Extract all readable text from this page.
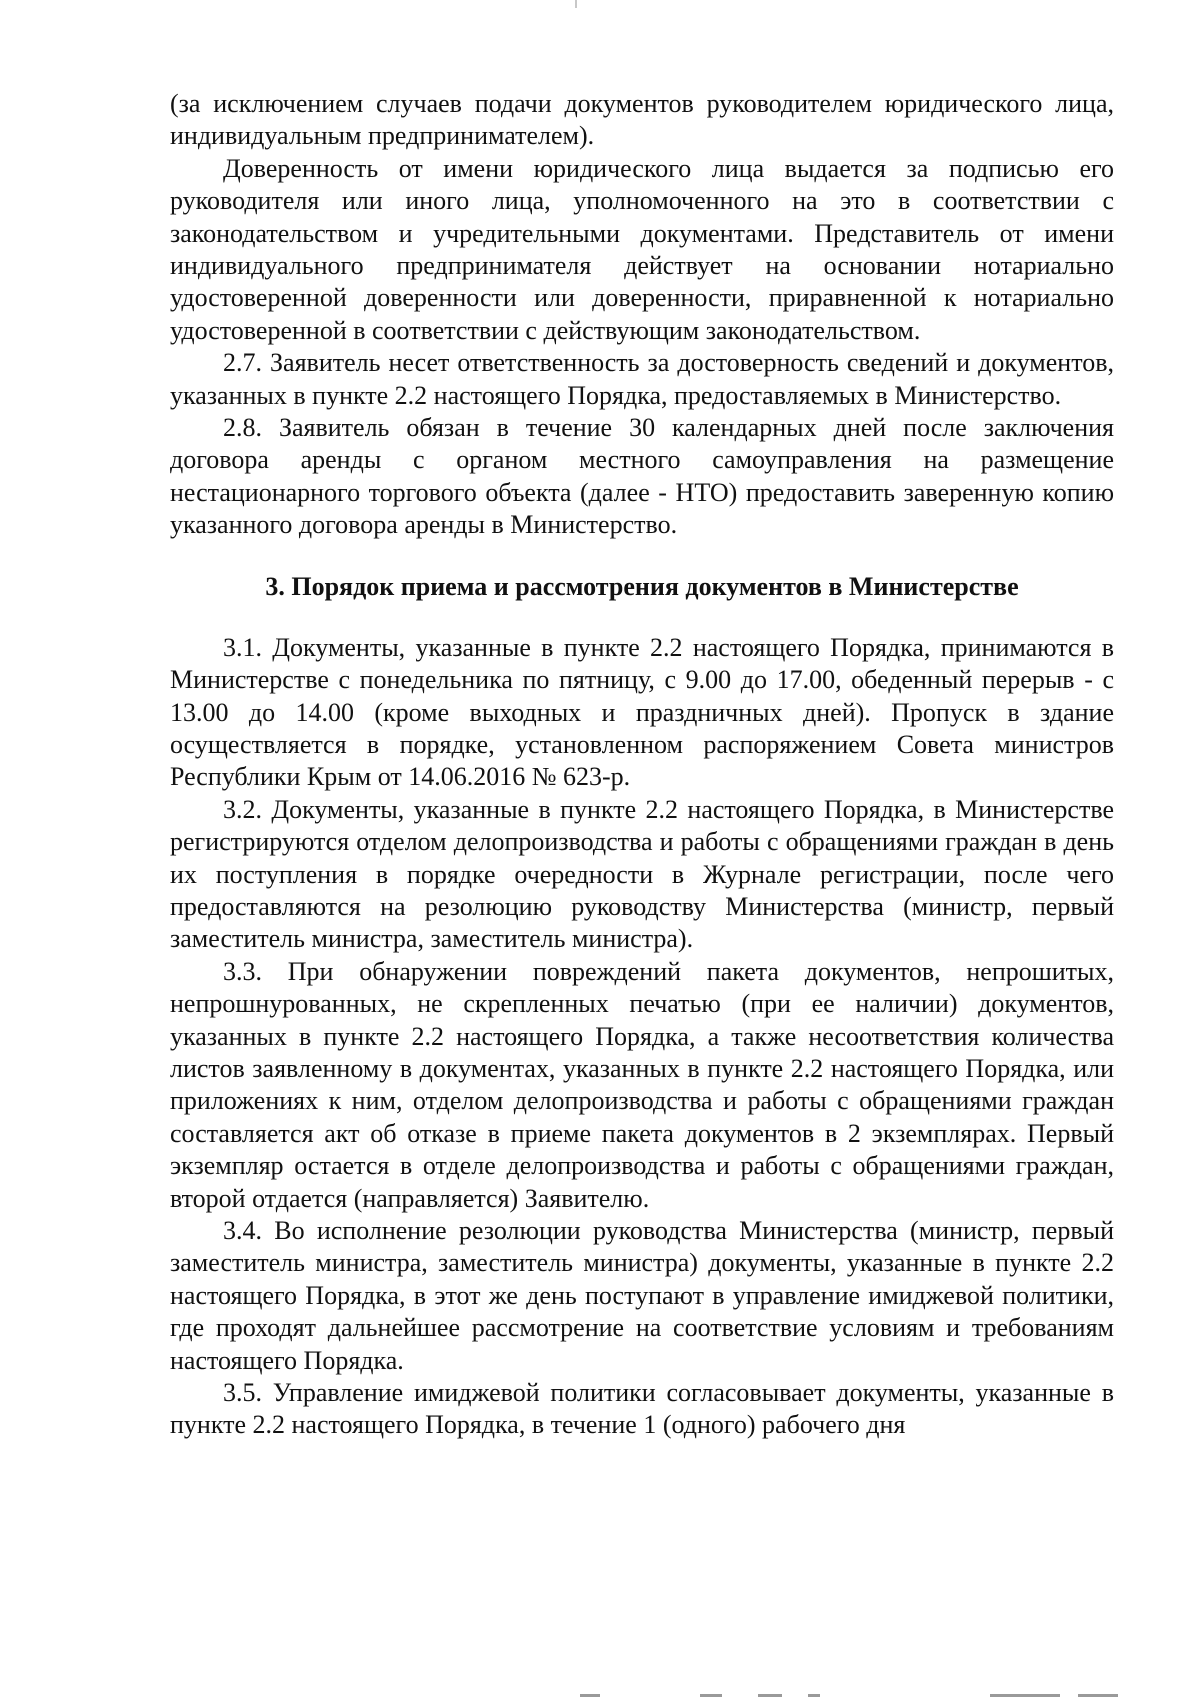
(за исключением случаев подачи документов руководителем юридического лица, индивидуальным предпринимателем).

Доверенность от имени юридического лица выдается за подписью его руководителя или иного лица, уполномоченного на это в соответствии с законодательством и учредительными документами. Представитель от имени индивидуального предпринимателя действует на основании нотариально удостоверенной доверенности или доверенности, приравненной к нотариально удостоверенной в соответствии с действующим законодательством.

2.7. Заявитель несет ответственность за достоверность сведений и документов, указанных в пункте 2.2 настоящего Порядка, предоставляемых в Министерство.

2.8. Заявитель обязан в течение 30 календарных дней после заключения договора аренды с органом местного самоуправления на размещение нестационарного торгового объекта (далее - НТО) предоставить заверенную копию указанного договора аренды в Министерство.

3. Порядок приема и рассмотрения документов в Министерстве

3.1. Документы, указанные в пункте 2.2 настоящего Порядка, принимаются в Министерстве с понедельника по пятницу, с 9.00 до 17.00, обеденный перерыв - с 13.00 до 14.00 (кроме выходных и праздничных дней). Пропуск в здание осуществляется в порядке, установленном распоряжением Совета министров Республики Крым от 14.06.2016 № 623-р.

3.2. Документы, указанные в пункте 2.2 настоящего Порядка, в Министерстве регистрируются отделом делопроизводства и работы с обращениями граждан в день их поступления в порядке очередности в Журнале регистрации, после чего предоставляются на резолюцию руководству Министерства (министр, первый заместитель министра, заместитель министра).

3.3. При обнаружении повреждений пакета документов, непрошитых, непрошнурованных, не скрепленных печатью (при ее наличии) документов, указанных в пункте 2.2 настоящего Порядка, а также несоответствия количества листов заявленному в документах, указанных в пункте 2.2 настоящего Порядка, или приложениях к ним, отделом делопроизводства и работы с обращениями граждан составляется акт об отказе в приеме пакета документов в 2 экземплярах. Первый экземпляр остается в отделе делопроизводства и работы с обращениями граждан, второй отдается (направляется) Заявителю.

3.4. Во исполнение резолюции руководства Министерства (министр, первый заместитель министра, заместитель министра) документы, указанные в пункте 2.2 настоящего Порядка, в этот же день поступают в управление имиджевой политики, где проходят дальнейшее рассмотрение на соответствие условиям и требованиям настоящего Порядка.

3.5. Управление имиджевой политики согласовывает документы, указанные в пункте 2.2 настоящего Порядка, в течение 1 (одного) рабочего дня
